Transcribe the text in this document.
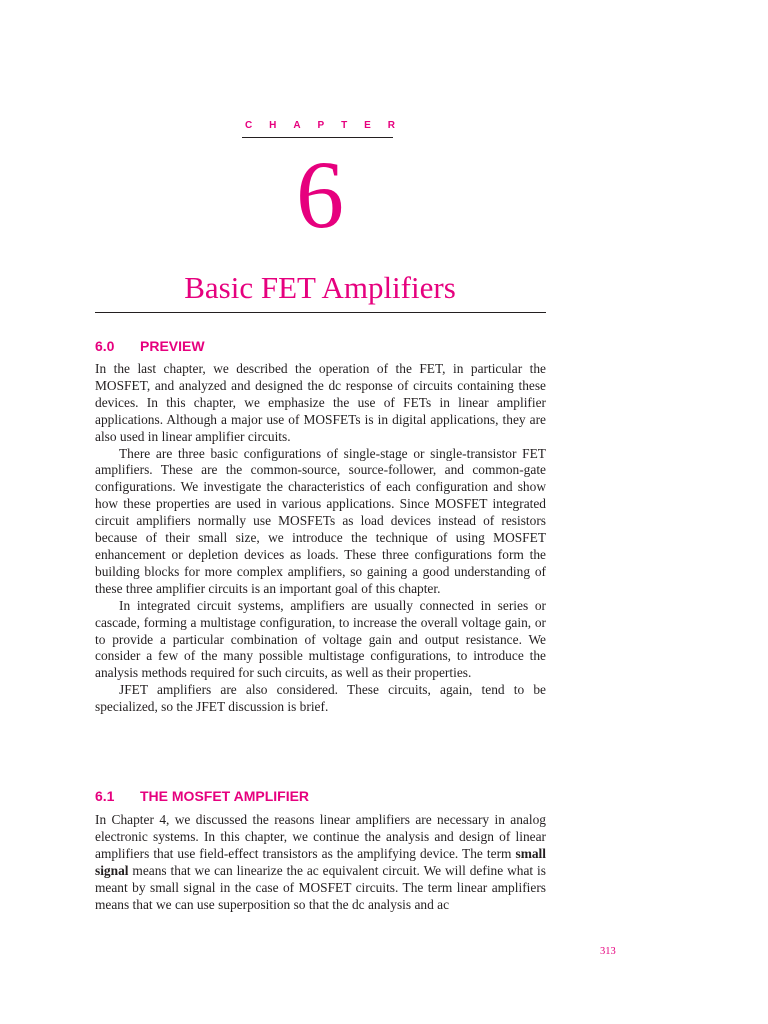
C H A P T E R
6
Basic FET Amplifiers
6.0	PREVIEW

In the last chapter, we described the operation of the FET, in particular the MOSFET, and analyzed and designed the dc response of circuits containing these devices. In this chapter, we emphasize the use of FETs in linear amplifier applications. Although a major use of MOSFETs is in digital applications, they are also used in linear amplifier circuits.

There are three basic configurations of single-stage or single-transistor FET amplifiers. These are the common-source, source-follower, and common-gate configurations. We investigate the characteristics of each configuration and show how these properties are used in various applications. Since MOSFET integrated circuit amplifiers normally use MOSFETs as load devices instead of resistors because of their small size, we introduce the technique of using MOSFET enhancement or depletion devices as loads. These three configurations form the building blocks for more complex amplifiers, so gaining a good understanding of these three amplifier circuits is an important goal of this chapter.

In integrated circuit systems, amplifiers are usually connected in series or cascade, forming a multistage configuration, to increase the overall voltage gain, or to provide a particular combination of voltage gain and output resistance. We consider a few of the many possible multistage configurations, to introduce the analysis methods required for such circuits, as well as their properties.

JFET amplifiers are also considered. These circuits, again, tend to be specialized, so the JFET discussion is brief.

6.1	THE MOSFET AMPLIFIER

In Chapter 4, we discussed the reasons linear amplifiers are necessary in analog electronic systems. In this chapter, we continue the analysis and design of linear amplifiers that use field-effect transistors as the amplifying device. The term small signal means that we can linearize the ac equivalent circuit. We will define what is meant by small signal in the case of MOSFET circuits. The term linear amplifiers means that we can use superposition so that the dc analysis and ac

313
